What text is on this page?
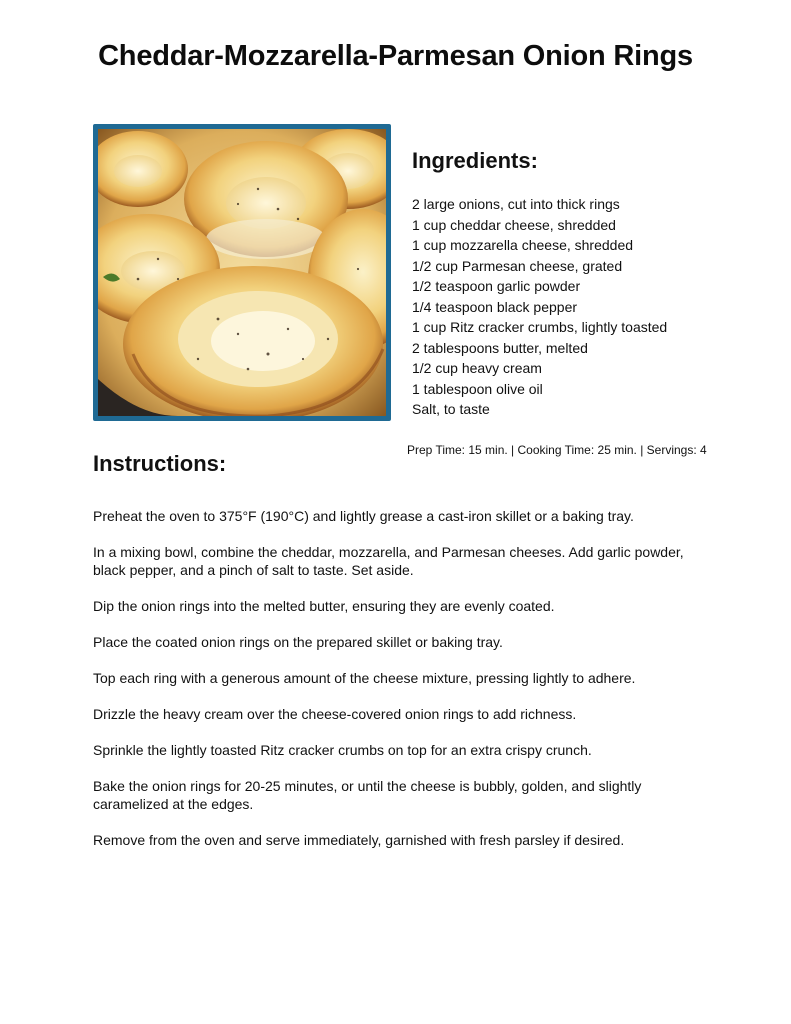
Cheddar-Mozzarella-Parmesan Onion Rings
Ingredients:
2 large onions, cut into thick rings
1 cup cheddar cheese, shredded
1 cup mozzarella cheese, shredded
1/2 cup Parmesan cheese, grated
1/2 teaspoon garlic powder
1/4 teaspoon black pepper
1 cup Ritz cracker crumbs, lightly toasted
2 tablespoons butter, melted
1/2 cup heavy cream
1 tablespoon olive oil
Salt, to taste
Prep Time: 15 min. | Cooking Time: 25 min. | Servings: 4
Instructions:
Preheat the oven to 375°F (190°C) and lightly grease a cast-iron skillet or a baking tray.
In a mixing bowl, combine the cheddar, mozzarella, and Parmesan cheeses. Add garlic powder, black pepper, and a pinch of salt to taste. Set aside.
Dip the onion rings into the melted butter, ensuring they are evenly coated.
Place the coated onion rings on the prepared skillet or baking tray.
Top each ring with a generous amount of the cheese mixture, pressing lightly to adhere.
Drizzle the heavy cream over the cheese-covered onion rings to add richness.
Sprinkle the lightly toasted Ritz cracker crumbs on top for an extra crispy crunch.
Bake the onion rings for 20-25 minutes, or until the cheese is bubbly, golden, and slightly caramelized at the edges.
Remove from the oven and serve immediately, garnished with fresh parsley if desired.
